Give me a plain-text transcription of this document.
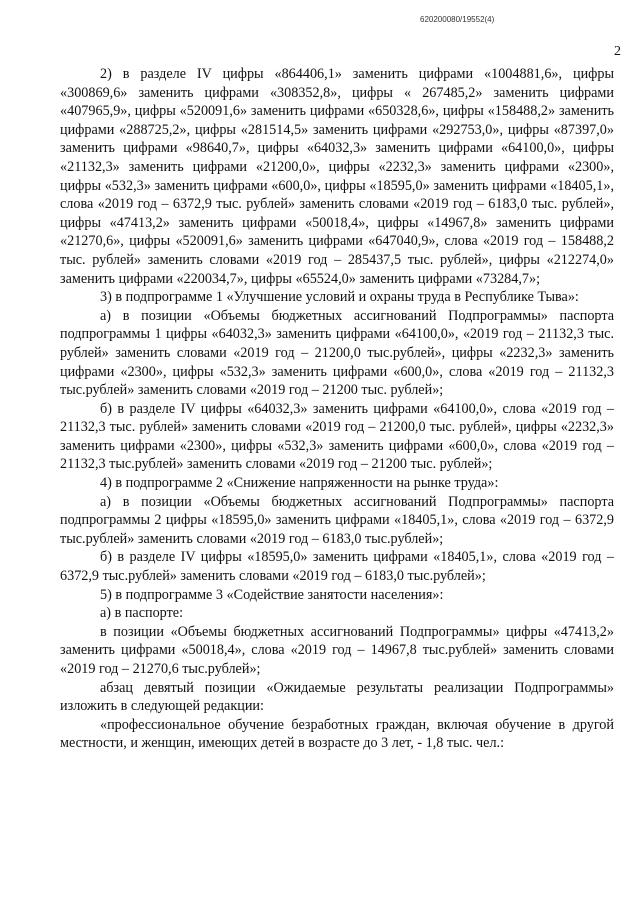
620200080/19552(4)
2

2) в разделе IV цифры «864406,1» заменить цифрами «1004881,6», цифры «300869,6» заменить цифрами «308352,8», цифры « 267485,2» заменить цифрами «407965,9», цифры «520091,6» заменить цифрами «650328,6», цифры «158488,2» заменить цифрами «288725,2», цифры «281514,5» заменить цифрами «292753,0», цифры «87397,0» заменить цифрами «98640,7», цифры «64032,3» заменить цифрами «64100,0», цифры «21132,3» заменить цифрами «21200,0», цифры «2232,3» заменить цифрами «2300», цифры «532,3» заменить цифрами «600,0», цифры «18595,0» заменить цифрами «18405,1», слова «2019 год – 6372,9 тыс. рублей» заменить словами «2019 год – 6183,0 тыс. рублей», цифры «47413,2» заменить цифрами «50018,4», цифры «14967,8» заменить цифрами «21270,6», цифры «520091,6» заменить цифрами «647040,9», слова «2019 год – 158488,2 тыс. рублей» заменить словами «2019 год – 285437,5 тыс. рублей», цифры «212274,0» заменить цифрами «220034,7», цифры «65524,0» заменить цифрами «73284,7»;

3) в подпрограмме 1 «Улучшение условий и охраны труда в Республике Тыва»:

а) в позиции «Объемы бюджетных ассигнований Подпрограммы» паспорта подпрограммы 1 цифры «64032,3» заменить цифрами «64100,0», «2019 год – 21132,3 тыс. рублей» заменить словами «2019 год – 21200,0 тыс.рублей», цифры «2232,3» заменить цифрами «2300», цифры «532,3» заменить цифрами «600,0», слова «2019 год – 21132,3 тыс.рублей» заменить словами «2019 год – 21200 тыс. рублей»;

б) в разделе IV цифры «64032,3» заменить цифрами «64100,0», слова «2019 год – 21132,3 тыс. рублей» заменить словами «2019 год – 21200,0 тыс. рублей», цифры «2232,3» заменить цифрами «2300», цифры «532,3» заменить цифрами «600,0», слова «2019 год – 21132,3 тыс.рублей» заменить словами «2019 год – 21200 тыс. рублей»;

4) в подпрограмме 2 «Снижение напряженности на рынке труда»:

а) в позиции «Объемы бюджетных ассигнований Подпрограммы» паспорта подпрограммы 2 цифры «18595,0» заменить цифрами «18405,1», слова «2019 год – 6372,9 тыс.рублей» заменить словами «2019 год – 6183,0 тыс.рублей»;

б) в разделе IV цифры «18595,0» заменить цифрами «18405,1», слова «2019 год – 6372,9 тыс.рублей» заменить словами «2019 год – 6183,0 тыс.рублей»;

5) в подпрограмме 3 «Содействие занятости населения»:

а) в паспорте:

в позиции «Объемы бюджетных ассигнований Подпрограммы» цифры «47413,2» заменить цифрами «50018,4», слова «2019 год – 14967,8 тыс.рублей» заменить словами «2019 год – 21270,6 тыс.рублей»;

абзац девятый позиции «Ожидаемые результаты реализации Подпрограммы» изложить в следующей редакции:

«профессиональное обучение безработных граждан, включая обучение в другой местности, и женщин, имеющих детей в возрасте до 3 лет, - 1,8 тыс. чел.:
